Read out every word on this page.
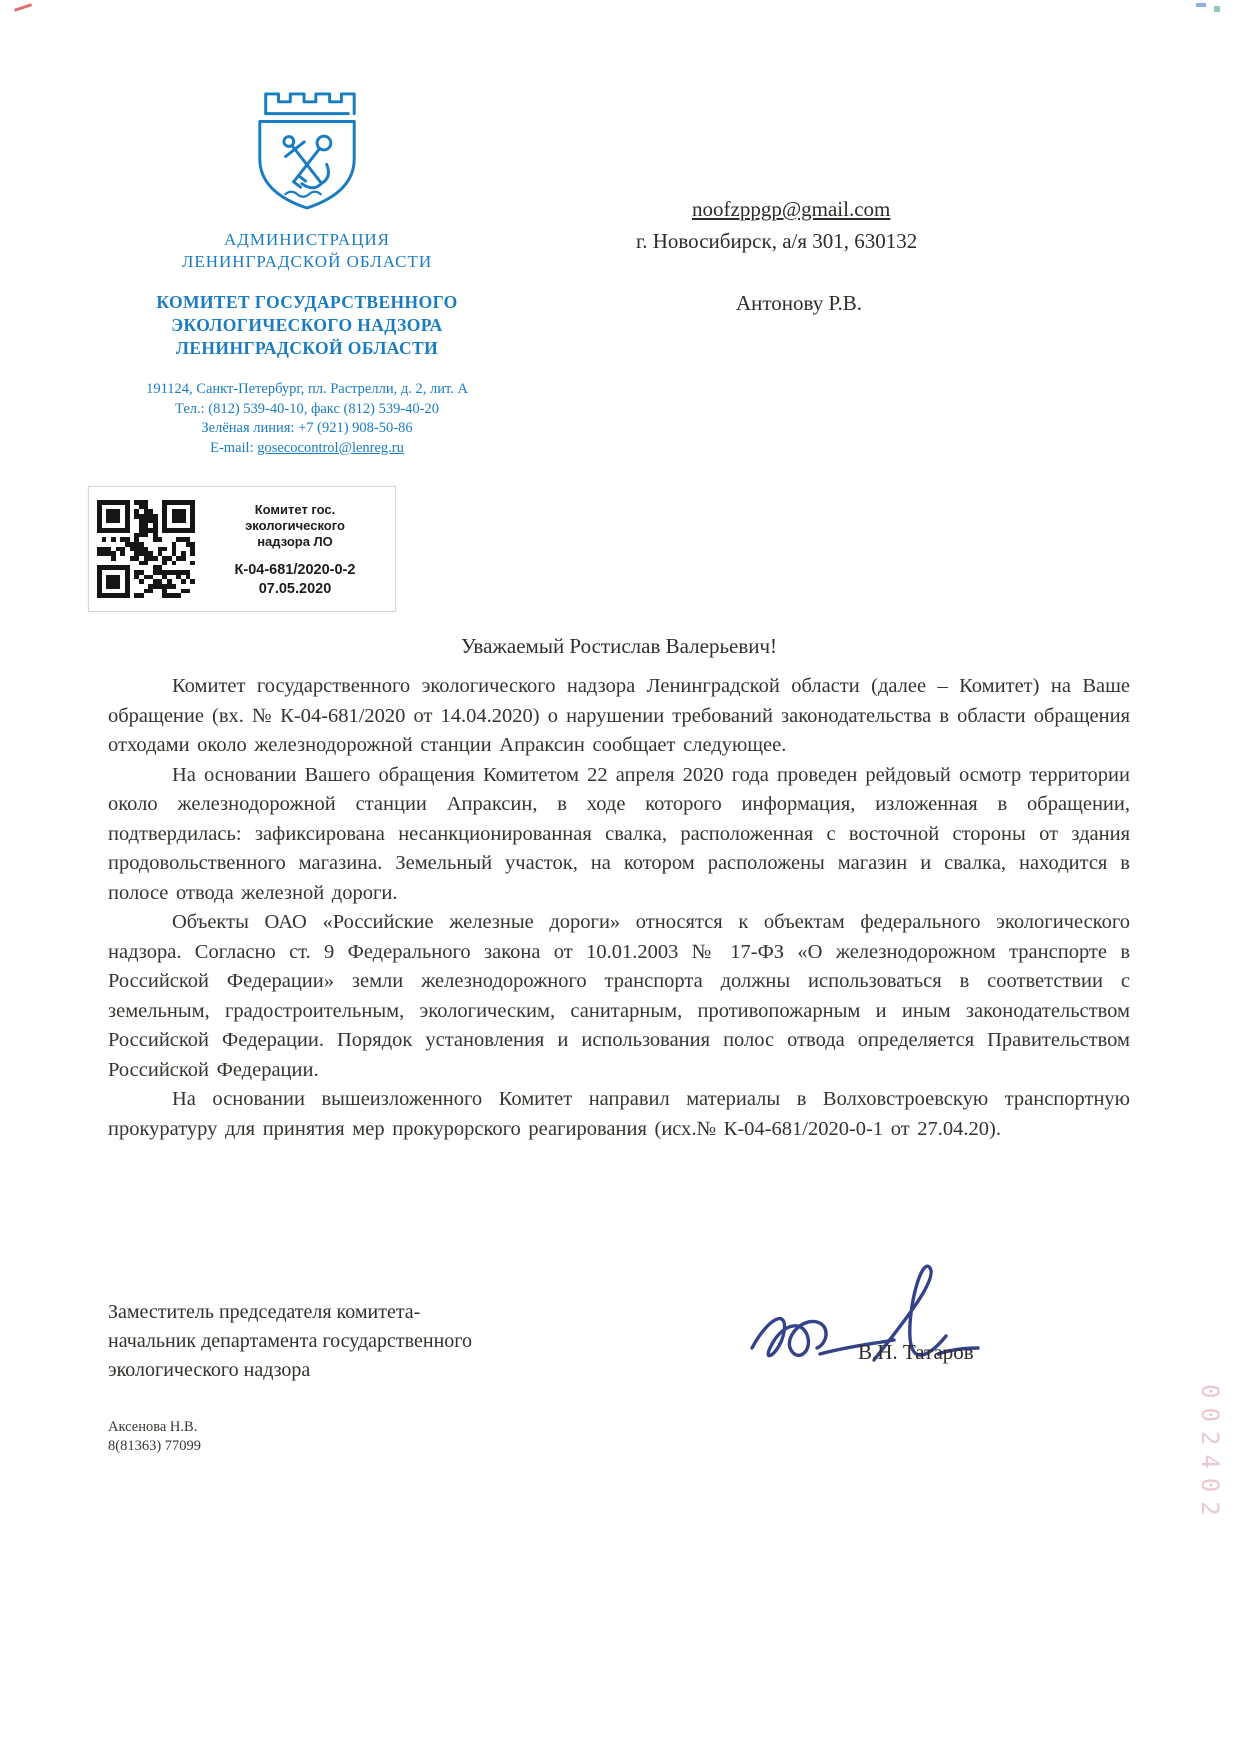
АДМИНИСТРАЦИЯ
ЛЕНИНГРАДСКОЙ ОБЛАСТИ
КОМИТЕТ ГОСУДАРСТВЕННОГО
ЭКОЛОГИЧЕСКОГО НАДЗОРА
ЛЕНИНГРАДСКОЙ ОБЛАСТИ
191124, Санкт-Петербург, пл. Растрелли, д. 2, лит. А
Тел.: (812) 539-40-10, факс (812) 539-40-20
Зелёная линия: +7 (921) 908-50-86
E-mail: gosecocontrol@lenreg.ru
noofzppgp@gmail.com
г. Новосибирск, а/я 301, 630132
Антонову Р.В.
Комитет гос.
экологического
надзора ЛО
К-04-681/2020-0-2
07.05.2020
Уважаемый Ростислав Валерьевич!

Комитет государственного экологического надзора Ленинградской области (далее – Комитет) на Ваше обращение (вх. № К-04-681/2020 от 14.04.2020) о нарушении требований законодательства в области обращения отходами около железнодорожной станции Апраксин сообщает следующее.

На основании Вашего обращения Комитетом 22 апреля 2020 года проведен рейдовый осмотр территории около железнодорожной станции Апраксин, в ходе которого информация, изложенная в обращении, подтвердилась: зафиксирована несанкционированная свалка, расположенная с восточной стороны от здания продовольственного магазина. Земельный участок, на котором расположены магазин и свалка, находится в полосе отвода железной дороги.

Объекты ОАО «Российские железные дороги» относятся к объектам федерального экологического надзора. Согласно ст. 9 Федерального закона от 10.01.2003 № 17-ФЗ «О железнодорожном транспорте в Российской Федерации» земли железнодорожного транспорта должны использоваться в соответствии с земельным, градостроительным, экологическим, санитарным, противопожарным и иным законодательством Российской Федерации. Порядок установления и использования полос отвода определяется Правительством Российской Федерации.

На основании вышеизложенного Комитет направил материалы в Волховстроевскую транспортную прокуратуру для принятия мер прокурорского реагирования (исх.№ К-04-681/2020-0-1 от 27.04.20).

Заместитель председателя комитета-
начальник департамента государственного
экологического надзора
В.Н. Татаров
Аксенова Н.В.
8(81363) 77099	002402
